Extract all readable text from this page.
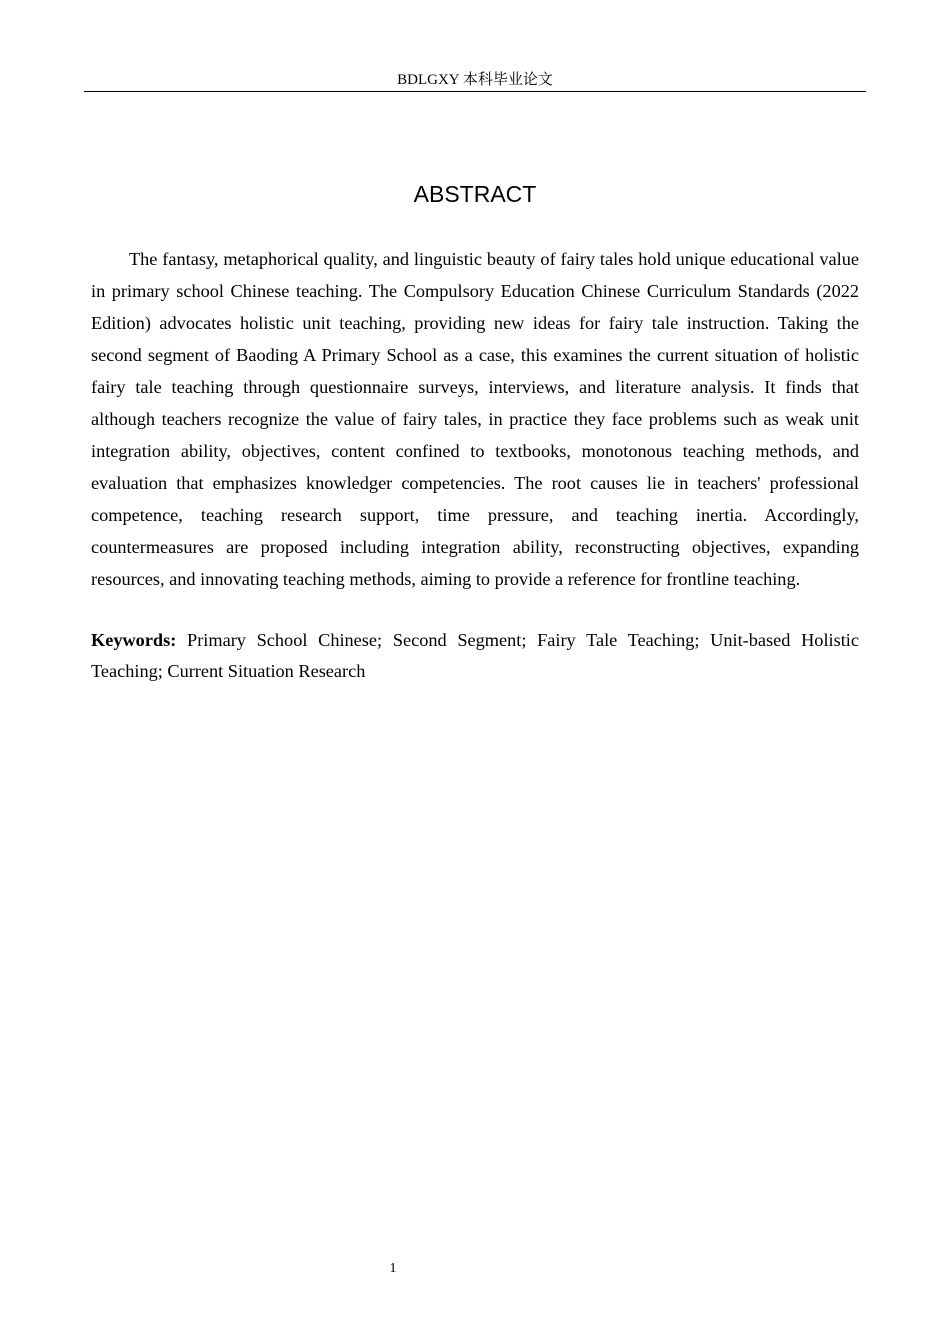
BDLGXY 本科毕业论文
ABSTRACT

The fantasy, metaphorical quality, and linguistic beauty of fairy tales hold unique educational value in primary school Chinese teaching. The Compulsory Education Chinese Curriculum Standards (2022 Edition) advocates holistic unit teaching, providing new ideas for fairy tale instruction. Taking the second segment of Baoding A Primary School as a case, this examines the current situation of holistic fairy tale teaching through questionnaire surveys, interviews, and literature analysis. It finds that although teachers recognize the value of fairy tales, in practice they face problems such as weak unit integration ability, objectives, content confined to textbooks, monotonous teaching methods, and evaluation that emphasizes knowledger competencies. The root causes lie in teachers' professional competence, teaching research support, time pressure, and teaching inertia. Accordingly, countermeasures are proposed including integration ability, reconstructing objectives, expanding resources, and innovating teaching methods, aiming to provide a reference for frontline teaching.

Keywords: Primary School Chinese; Second Segment; Fairy Tale Teaching; Unit-based Holistic Teaching; Current Situation Research

1
